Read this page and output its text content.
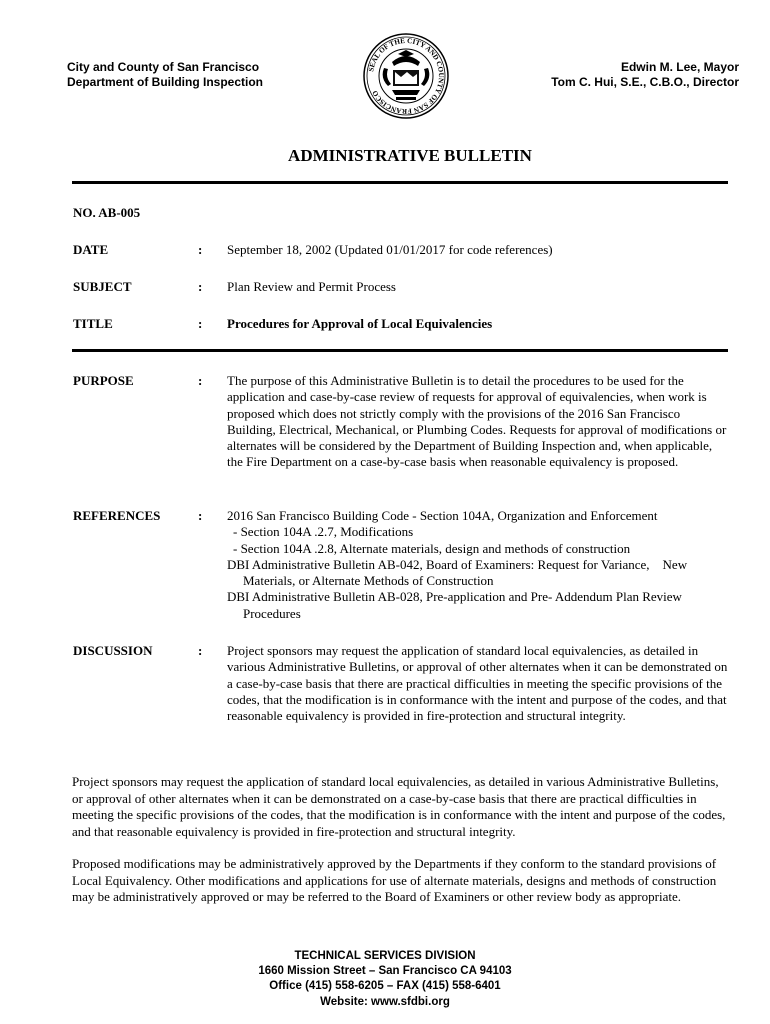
City and County of San Francisco
Department of Building Inspection
SEAL OF THE CITY AND COUNTY OF SAN FRANCISCO
Edwin M. Lee, Mayor
Tom C. Hui, S.E., C.B.O., Director
ADMINISTRATIVE BULLETIN
NO. AB-005
DATE	: September 18, 2002 (Updated 01/01/2017 for code references)
SUBJECT	: Plan Review and Permit Process
TITLE	: Procedures for Approval of Local Equivalencies
PURPOSE	: The purpose of this Administrative Bulletin is to detail the procedures to be used for the application and case-by-case review of requests for approval of equivalencies, when work is proposed which does not strictly comply with the provisions of the 2016 San Francisco Building, Electrical, Mechanical, or Plumbing Codes. Requests for approval of modifications or alternates will be considered by the Department of Building Inspection and, when applicable, the Fire Department on a case-by-case basis when reasonable equivalency is proposed.
REFERENCES	: 2016 San Francisco Building Code - Section 104A, Organization and Enforcement
- Section 104A .2.7, Modifications
- Section 104A .2.8, Alternate materials, design and methods of construction
DBI Administrative Bulletin AB-042, Board of Examiners: Request for Variance,    New
Materials, or Alternate Methods of Construction
DBI Administrative Bulletin AB-028, Pre-application and Pre- Addendum Plan Review
Procedures
DISCUSSION	: Project sponsors may request the application of standard local equivalencies, as detailed in various Administrative Bulletins, or approval of other alternates when it can be demonstrated on a case-by-case basis that there are practical difficulties in meeting the specific provisions of the codes, that the modification is in conformance with the intent and purpose of the codes, and that reasonable equivalency is provided in fire-protection and structural integrity.
Project sponsors may request the application of standard local equivalencies, as detailed in various Administrative Bulletins, or approval of other alternates when it can be demonstrated on a case-by-case basis that there are practical difficulties in meeting the specific provisions of the codes, that the modification is in conformance with the intent and purpose of the codes, and that reasonable equivalency is provided in fire-protection and structural integrity.
Proposed modifications may be administratively approved by the Departments if they conform to the standard provisions of Local Equivalency. Other modifications and applications for use of alternate materials, designs and methods of construction may be administratively approved or may be referred to the Board of Examiners or other review body as appropriate.
TECHNICAL SERVICES DIVISION
1660 Mission Street – San Francisco CA 94103
Office (415) 558-6205 – FAX (415) 558-6401
Website: www.sfdbi.org
